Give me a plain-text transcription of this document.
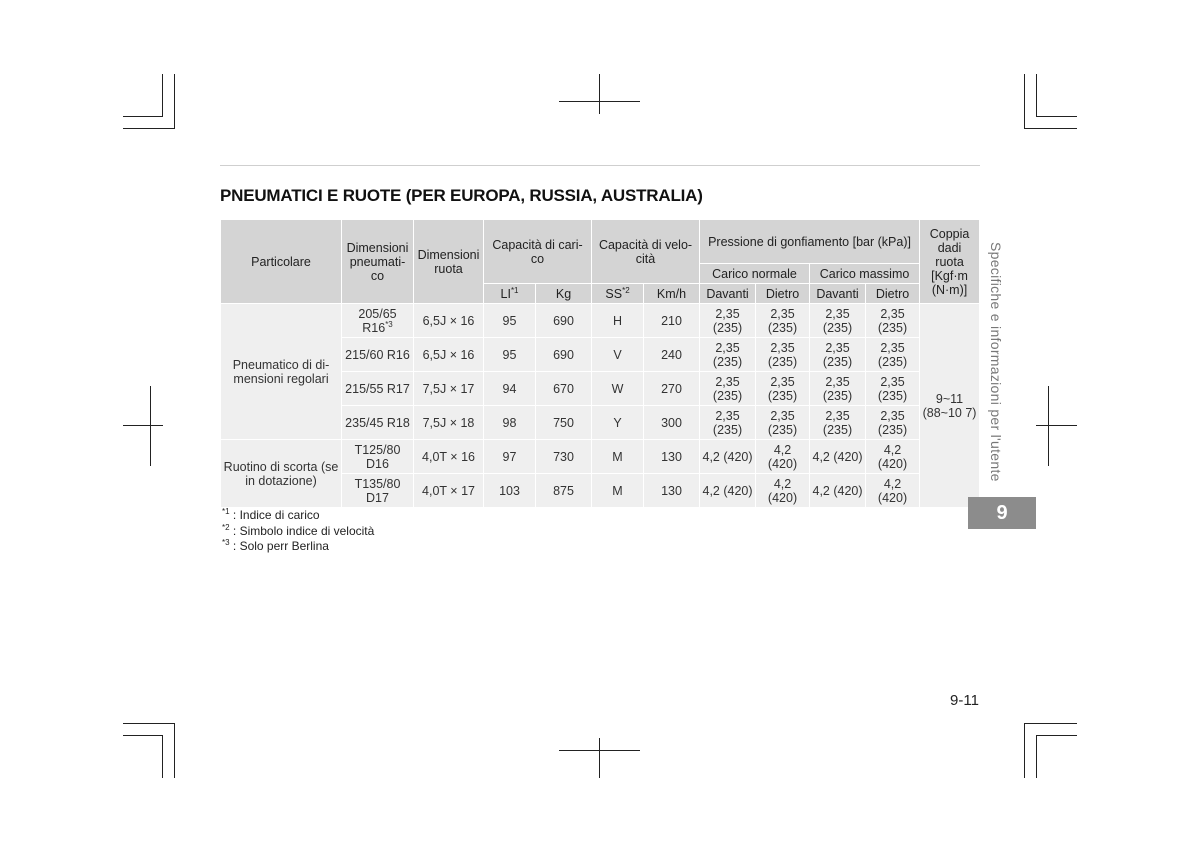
PNEUMATICI E RUOTE (PER EUROPA, RUSSIA, AUSTRALIA)
Particolare	Dimensioni pneumati-co	Dimensioni ruota	Capacità di cari-co		Capacità di velo-cità		Pressione di gonfiamento [bar (kPa)]				Coppia dadi ruota [Kgf·m (N·m)]
							Carico normale		Carico massimo		
			LI$^{*1}$	Kg	SS$^{*2}$	Km/h	Davanti	Dietro	Davanti	Dietro	
Pneumatico di di-mensioni regolari	205/65 R16$^{*3}$	6,5J × 16	95	690	H	210	2,35 (235)	2,35 (235)	2,35 (235)	2,35 (235)	9~11 (88~10 7)
	215/60 R16	6,5J × 16	95	690	V	240	2,35 (235)	2,35 (235)	2,35 (235)	2,35 (235)	
	215/55 R17	7,5J × 17	94	670	W	270	2,35 (235)	2,35 (235)	2,35 (235)	2,35 (235)	
	235/45 R18	7,5J × 18	98	750	Y	300	2,35 (235)	2,35 (235)	2,35 (235)	2,35 (235)	
Ruotino di scorta (se in dotazione)	T125/80 D16	4,0T × 16	97	730	M	130	4,2 (420)	4,2 (420)	4,2 (420)	4,2 (420)	
	T135/80 D17	4,0T × 17	103	875	M	130	4,2 (420)	4,2 (420)	4,2 (420)	4,2 (420)	
$^{*1}$ : Indice di carico
$^{*2}$ : Simbolo indice di velocità
$^{*3}$ : Solo perr Berlina
Specifiche e informazioni per l'utente
9
9-11
